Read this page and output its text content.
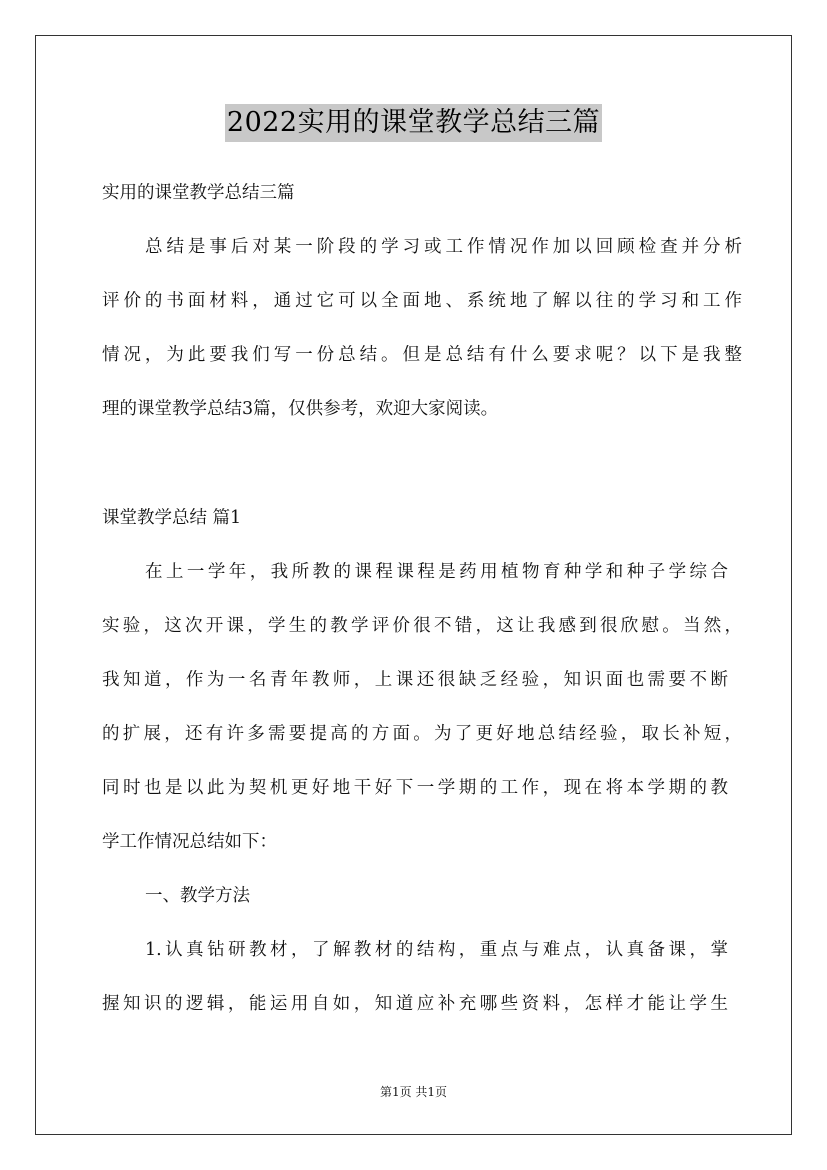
2022实用的课堂教学总结三篇
实用的课堂教学总结三篇
总结是事后对某一阶段的学习或工作情况作加以回顾检查并分析
评价的书面材料，通过它可以全面地、系统地了解以往的学习和工作
情况，为此要我们写一份总结。但是总结有什么要求呢？以下是我整
理的课堂教学总结3篇，仅供参考，欢迎大家阅读。
课堂教学总结 篇1
在上一学年，我所教的课程课程是药用植物育种学和种子学综合
实验，这次开课，学生的教学评价很不错，这让我感到很欣慰。当然，
我知道，作为一名青年教师，上课还很缺乏经验，知识面也需要不断
的扩展，还有许多需要提高的方面。为了更好地总结经验，取长补短，
同时也是以此为契机更好地干好下一学期的工作，现在将本学期的教
学工作情况总结如下：
一、教学方法
1.认真钻研教材，了解教材的结构，重点与难点，认真备课，掌
握知识的逻辑，能运用自如，知道应补充哪些资料，怎样才能让学生
第1页 共1页
